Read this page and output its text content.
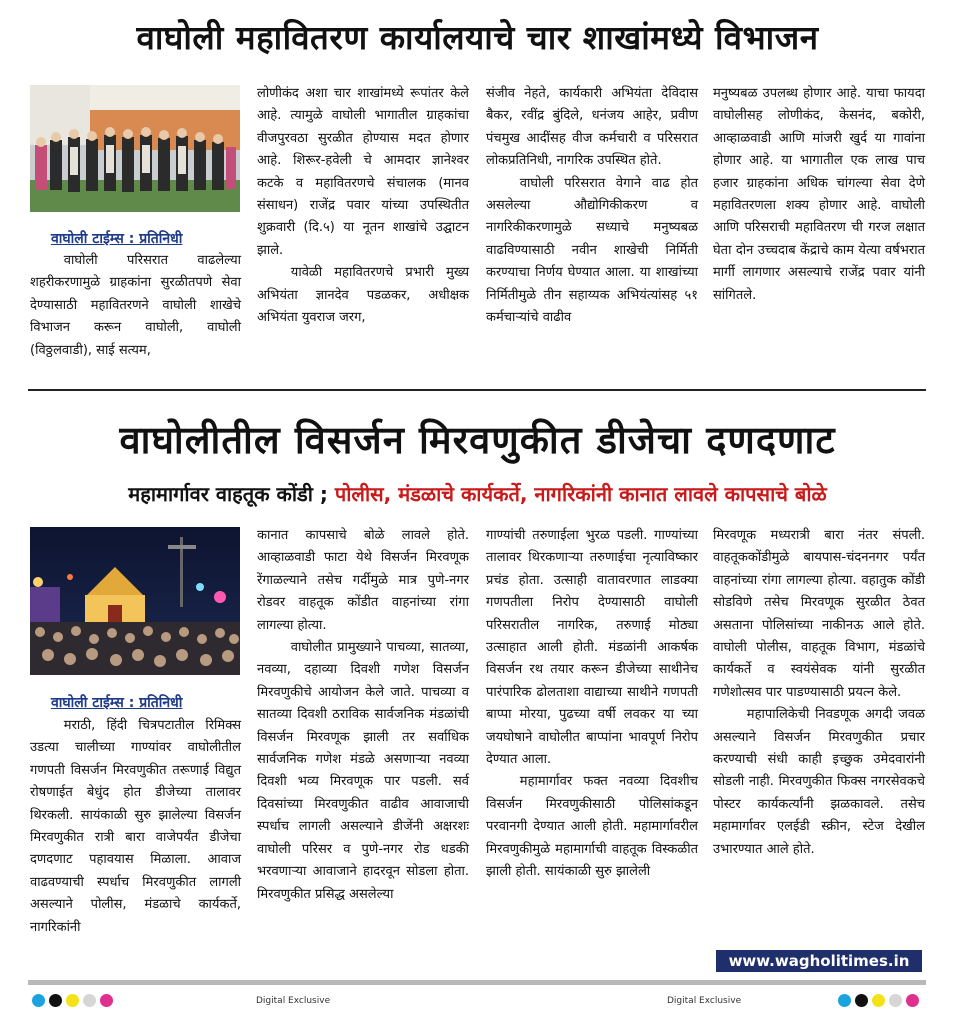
वाघोली महावितरण कार्यालयाचे चार शाखांमध्ये विभाजन
वाघोली टाईम्स : प्रतिनिधी

वाघोली परिसरात वाढलेल्या शहरीकरणामुळे ग्राहकांना सुरळीतपणे सेवा देण्यासाठी महावितरणने वाघोली शाखेचे विभाजन करून वाघोली, वाघोली (विठ्ठलवाडी), साई सत्यम,

लोणीकंद अशा चार शाखांमध्ये रूपांतर केले आहे. त्यामुळे वाघोली भागातील ग्राहकांचा वीजपुरवठा सुरळीत होण्यास मदत होणार आहे. शिरूर-हवेली चे आमदार ज्ञानेश्वर कटके व महावितरणचे संचालक (मानव संसाधन) राजेंद्र पवार यांच्या उपस्थितीत शुक्रवारी (दि.५) या नूतन शाखांचे उद्घाटन झाले.

यावेळी महावितरणचे प्रभारी मुख्य अभियंता ज्ञानदेव पडळकर, अधीक्षक अभियंता युवराज जरग,

संजीव नेहते, कार्यकारी अभियंता देविदास बैकर, रवींद्र बुंदिले, धनंजय आहेर, प्रवीण पंचमुख आदींसह वीज कर्मचारी व परिसरात लोकप्रतिनिधी, नागरिक उपस्थित होते.

वाघोली परिसरात वेगाने वाढ होत असलेल्या औद्योगिकीकरण व नागरिकीकरणामुळे सध्याचे मनुष्यबळ वाढविण्यासाठी नवीन शाखेची निर्मिती करण्याचा निर्णय घेण्यात आला. या शाखांच्या निर्मितीमुळे तीन सहाय्यक अभियंत्यांसह ५१ कर्मचाऱ्यांचे वाढीव

मनुष्यबळ उपलब्ध होणार आहे. याचा फायदा वाघोलीसह लोणीकंद, केसनंद, बकोरी, आव्हाळवाडी आणि मांजरी खुर्द या गावांना होणार आहे. या भागातील एक लाख पाच हजार ग्राहकांना अधिक चांगल्या सेवा देणे महावितरणला शक्य होणार आहे. वाघोली आणि परिसराची महावितरण ची गरज लक्षात घेता दोन उच्चदाब केंद्राचे काम येत्या वर्षभरात मार्गी लागणार असल्याचे राजेंद्र पवार यांनी सांगितले.

वाघोलीतील विसर्जन मिरवणुकीत डीजेचा दणदणाट
महामार्गावर वाहतूक कोंडी ; पोलीस, मंडळाचे कार्यकर्ते, नागरिकांनी कानात लावले कापसाचे बोळे
वाघोली टाईम्स : प्रतिनिधी

मराठी, हिंदी चित्रपटातील रिमिक्स उडत्या चालीच्या गाण्यांवर वाघोलीतील गणपती विसर्जन मिरवणुकीत तरूणाई विद्युत रोषणाईत बेधुंद होत डीजेच्या तालावर थिरकली. सायंकाळी सुरु झालेल्या विसर्जन मिरवणुकीत रात्री बारा वाजेपर्यंत डीजेचा दणदणाट पहावयास मिळाला. आवाज वाढवण्याची स्पर्धाच मिरवणुकीत लागली असल्याने पोलीस, मंडळाचे कार्यकर्ते, नागरिकांनी

कानात कापसाचे बोळे लावले होते. आव्हाळवाडी फाटा येथे विसर्जन मिरवणूक रेंगाळल्याने तसेच गर्दीमुळे मात्र पुणे-नगर रोडवर वाहतूक कोंडीत वाहनांच्या रांगा लागल्या होत्या.

वाघोलीत प्रामुख्याने पाचव्या, सातव्या, नवव्या, दहाव्या दिवशी गणेश विसर्जन मिरवणुकीचे आयोजन केले जाते. पाचव्या व सातव्या दिवशी ठराविक सार्वजनिक मंडळांची विसर्जन मिरवणूक झाली तर सर्वाधिक सार्वजनिक गणेश मंडळे असणाऱ्या नवव्या दिवशी भव्य मिरवणूक पार पडली. सर्व दिवसांच्या मिरवणुकीत वाढीव आवाजाची स्पर्धाच लागली असल्याने डीजेंनी अक्षरशः वाघोली परिसर व पुणे-नगर रोड धडकी भरवणाऱ्या आवाजाने हादरवून सोडला होता. मिरवणुकीत प्रसिद्ध असलेल्या

गाण्यांची तरुणाईला भुरळ पडली. गाण्यांच्या तालावर थिरकणाऱ्या तरुणाईचा नृत्याविष्कार प्रचंड होता. उत्साही वातावरणात लाडक्या गणपतीला निरोप देण्यासाठी वाघोली परिसरातील नागरिक, तरुणाई मोठ्या उत्साहात आली होती. मंडळांनी आकर्षक विसर्जन रथ तयार करून डीजेच्या साथीनेच पारंपारिक ढोलताशा वाद्याच्या साथीने गणपती बाप्पा मोरया, पुढच्या वर्षी लवकर या च्या जयघोषाने वाघोलीत बाप्पांना भावपूर्ण निरोप देण्यात आला.

महामार्गावर फक्त नवव्या दिवशीच विसर्जन मिरवणुकीसाठी पोलिसांकडून परवानगी देण्यात आली होती. महामार्गावरील मिरवणुकीमुळे महामार्गाची वाहतूक विस्कळीत झाली होती. सायंकाळी सुरु झालेली

मिरवणूक मध्यरात्री बारा नंतर संपली. वाहतूककोंडीमुळे बायपास-चंदननगर पर्यंत वाहनांच्या रांगा लागल्या होत्या. वहातुक कोंडी सोडविणे तसेच मिरवणूक सुरळीत ठेवत असताना पोलिसांच्या नाकीनऊ आले होते. वाघोली पोलीस, वाहतूक विभाग, मंडळांचे कार्यकर्ते व स्वयंसेवक यांनी सुरळीत गणेशोत्सव पार पाडण्यासाठी प्रयत्न केले.

महापालिकेची निवडणूक अगदी जवळ असल्याने विसर्जन मिरवणुकीत प्रचार करण्याची संधी काही इच्छुक उमेदवारांनी सोडली नाही. मिरवणुकीत फिक्स नगरसेवकचे पोस्टर कार्यकर्त्यांनी झळकावले. तसेच महामार्गावर एलईडी स्क्रीन, स्टेज देखील उभारण्यात आले होते.

www.wagholitimes.in
Digital Exclusive	Digital Exclusive
